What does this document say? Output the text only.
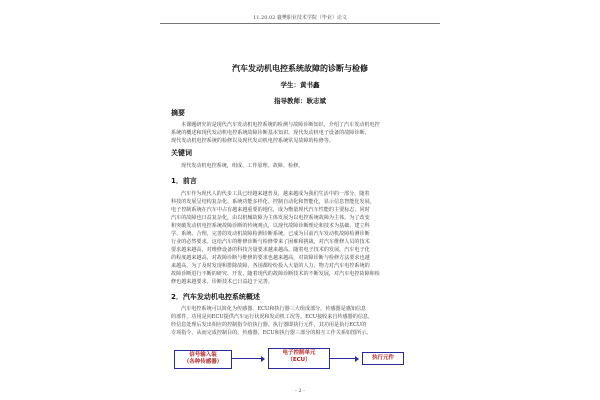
11.20.02 襄樊职业技术学院（毕业）论文
汽车发动机电控系统故障的诊断与检修
学生：黄书鑫
指导教师：耿志斌
摘要
本课题研究的是现代汽车发动机电控系统的检测与故障诊断知识，介绍了汽车发动机电控
系统的概述和现代发动机电控系统故障诊断基本知识、现代发动机电子设备的故障诊断、
现代发动机电控系统的检修以及现代发动机电控系统常见故障的检修等。
关键词
现代发动机电控系统，组成、工作原理、故障、检修。
1．前言
汽车作为现代人的代步工具已经越来越普及，越来越成为我们生活中的一部分，随着
科技的发展呈结构复杂化、系统功能多样化、控制自动化和智能化，显示信息智能化发展。
电子控制系统在汽车中占有越来越重要的地位，成为衡量现代汽车性能的主要标志，同时
汽车的故障也日益复杂化，由以机械故障为主体发展为以电控系统故障为主体。为了改变
和突破发动机电控系统故障诊断的传统观点，以现代故障诊断理论和技术为基础，建立科
学、系统、合理、完善的发动机故障检测诊断系统，已成为目前汽车发动机故障检测诊断
行业的必然要求。这给汽车的维修诊断与检修带来了困难和挑战，对汽车维修人员的技术
要求越来越高，对维修设备的科技含量要求越来越高。随着电子技术的发展，汽车电子化
的程度越来越高，对故障诊断与维修的要求也越来越高，对故障诊断与检修方法要求也越
来越高，为了及时发现和排除故障，各国都纷纷投入大量的人力、物力对汽车电控系统的
故障诊断进行不断的研究、开发，随着现代的故障诊断技术的不断发展，对汽车电控故障和检
修也越来越要求，诊断技术已日益趋于完善。
2．汽车发动机电控系统概述
汽车电控系统可以简化为传感器、ECU和执行器三大组成部分。传感器是感知信息
的部件，功用是向ECU提供汽车运行状况和发动机工况等。ECU接收来自传感器的信息，
经信息处理后发出相应的控制指令给执行器。执行器即执行元件，其功用是执行ECU的
专项指令，从而完成控制目的。传感器、ECU和执行器三部分的相互工作关系如图所示。
信号输入装
（各种传感器）
电子控制单元
（ECU）	执行元件
- 2 -
